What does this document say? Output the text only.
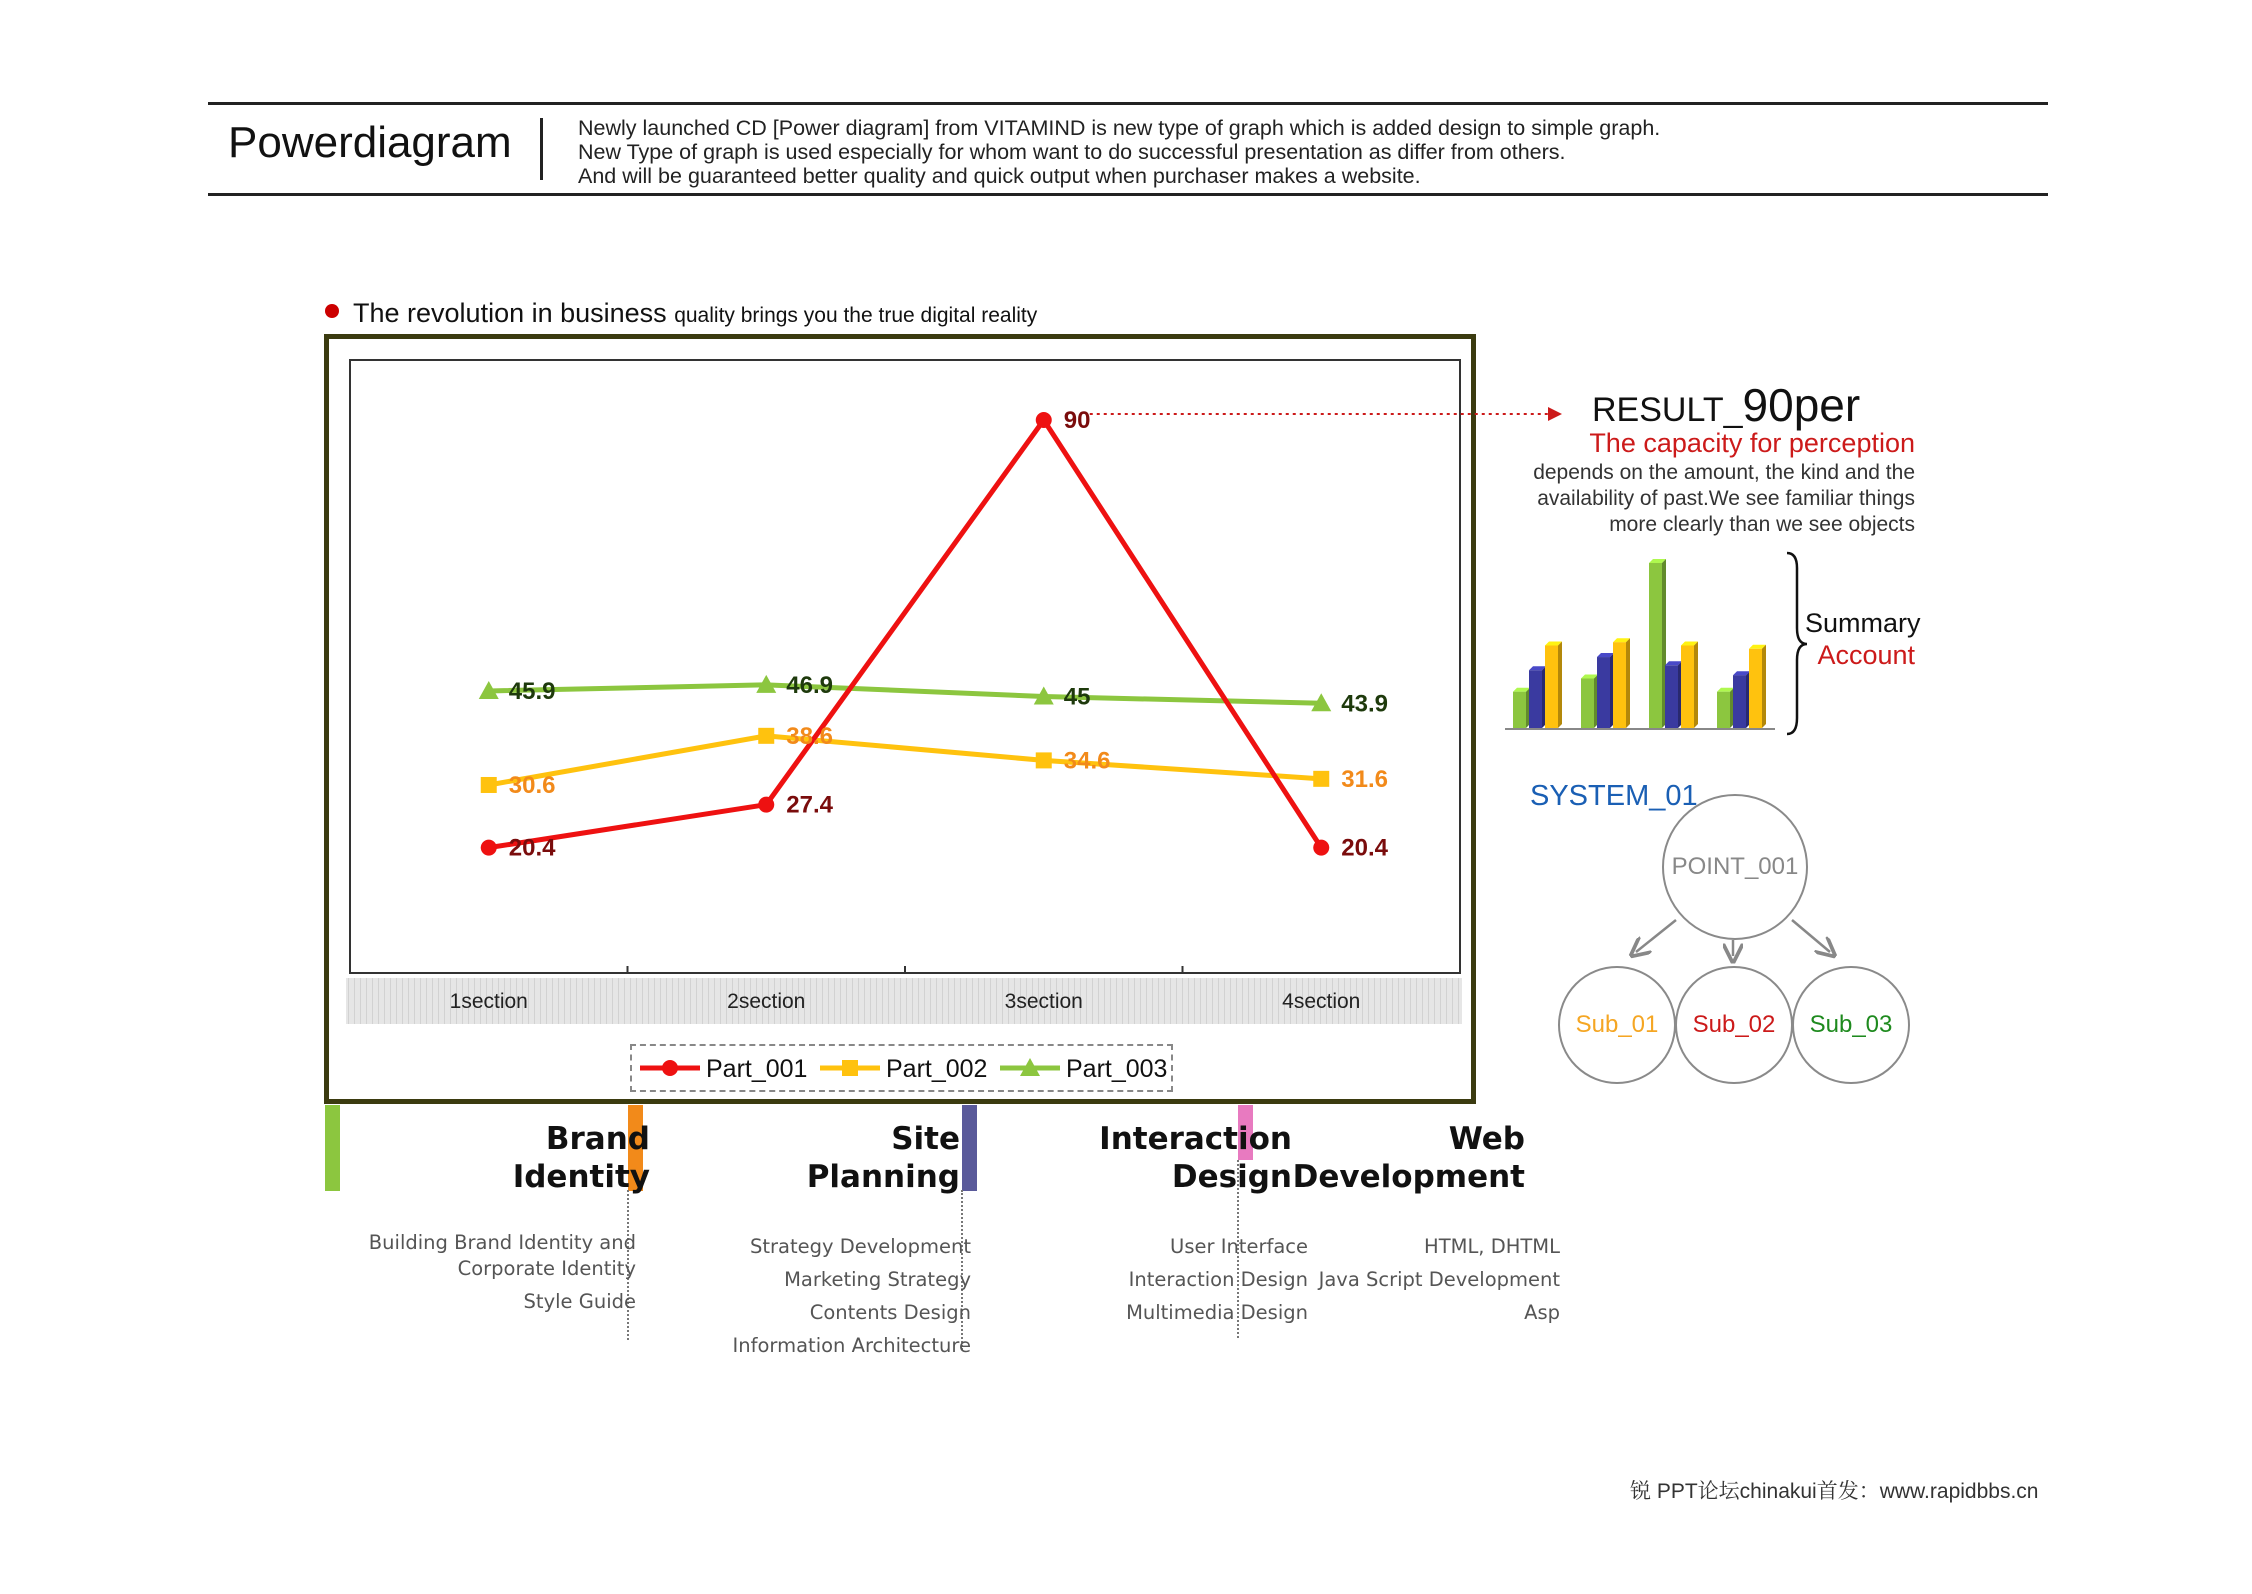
Powerdiagram	Newly launched CD [Power diagram] from VITAMIND is new type of graph which is added design to simple graph.
New Type of graph is used especially for whom want to do successful presentation as differ from others.
And will be guaranteed better quality and quick output when purchaser makes a website.
The revolution in business quality brings you the true digital reality
1section	2section	3section	4section
45.9	46.9	45	43.9
30.6
38.6
34.6
31.6
20.4
27.4
90
20.4
Part_001	Part_002	Part_003
RESULT_90per
The capacity for perception
depends on the amount, the kind and the
availability of past.We see familiar things
more clearly than we see objects
Summary
Account
SYSTEM_01
POINT_001
Sub_01 Sub_02 Sub_03
Brand
Identity
Building Brand Identity and
Corporate Identity
Style Guide
Site
Planning
Strategy Development
Marketing Strategy
Contents Design
Information Architecture
Interaction
Design
User Interface
Interaction Design
Multimedia Design
Web
Development
HTML, DHTML
Java Script Development
Asp
锐 PPT论坛chinakui首发：www.rapidbbs.cn
